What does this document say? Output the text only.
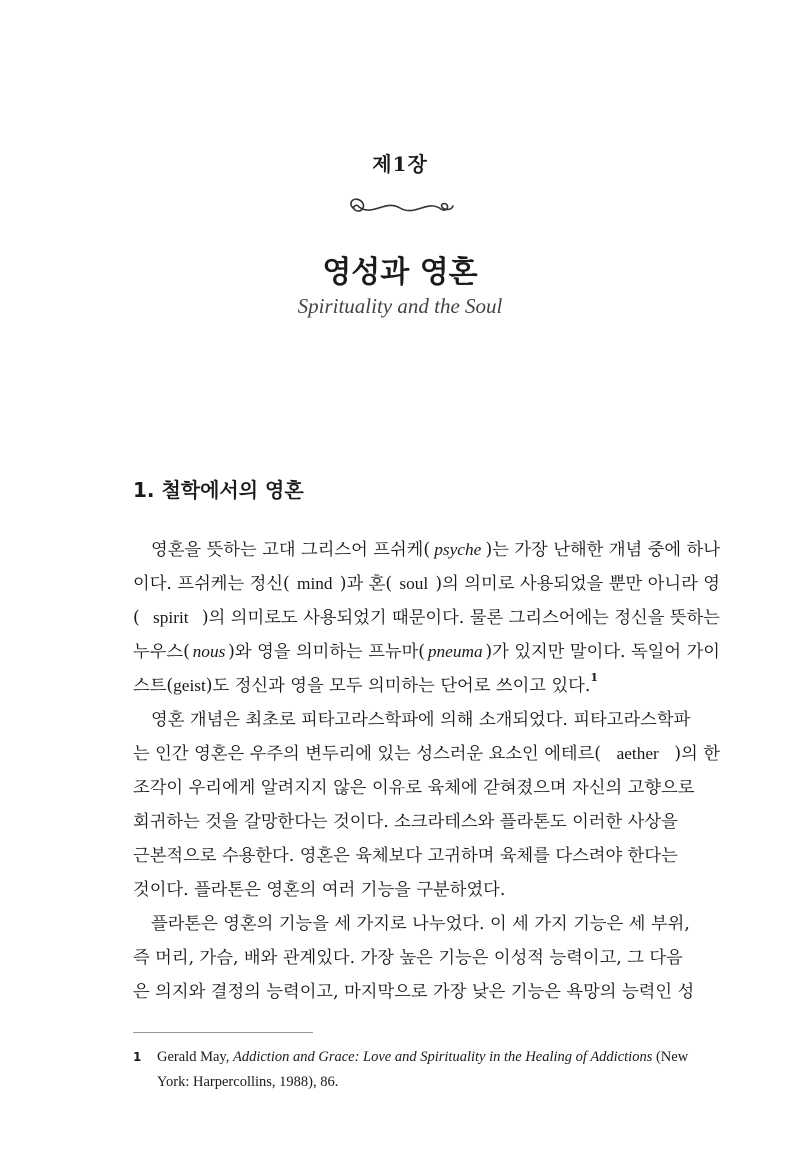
제1장
영성과 영혼
Spirituality and the Soul
1. 철학에서의 영혼
영혼을 뜻하는 고대 그리스어 프쉬케( psyche )는 가장 난해한 개념 중에 하나
이다. 프쉬케는 정신( mind )과 혼( soul )의 의미로 사용되었을 뿐만 아니라 영
( spirit )의 의미로도 사용되었기 때문이다. 물론 그리스어에는 정신을 뜻하는
누우스( nous )와 영을 의미하는 프뉴마( pneuma )가 있지만 말이다. 독일어 가이
스트( geist )도 정신과 영을 모두 의미하는 단어로 쓰이고 있다. 1
영혼 개념은 최초로 피타고라스학파에 의해 소개되었다. 피타고라스학파
는 인간 영혼은 우주의 변두리에 있는 성스러운 요소인 에테르( aether )의 한
조각이 우리에게 알려지지 않은 이유로 육체에 갇혀졌으며 자신의 고향으로
회귀하는 것을 갈망한다는 것이다. 소크라테스와 플라톤도 이러한 사상을
근본적으로 수용한다. 영혼은 육체보다 고귀하며 육체를 다스려야 한다는
것이다. 플라톤은 영혼의 여러 기능을 구분하였다.
플라톤은 영혼의 기능을 세 가지로 나누었다. 이 세 가지 기능은 세 부위,
즉 머리, 가슴, 배와 관계있다. 가장 높은 기능은 이성적 능력이고, 그 다음
은 의지와 결정의 능력이고, 마지막으로 가장 낮은 기능은 욕망의 능력인 성
1 Gerald May, Addiction and Grace: Love and Spirituality in the Healing of Addictions (New York: Harpercollins, 1988), 86.
